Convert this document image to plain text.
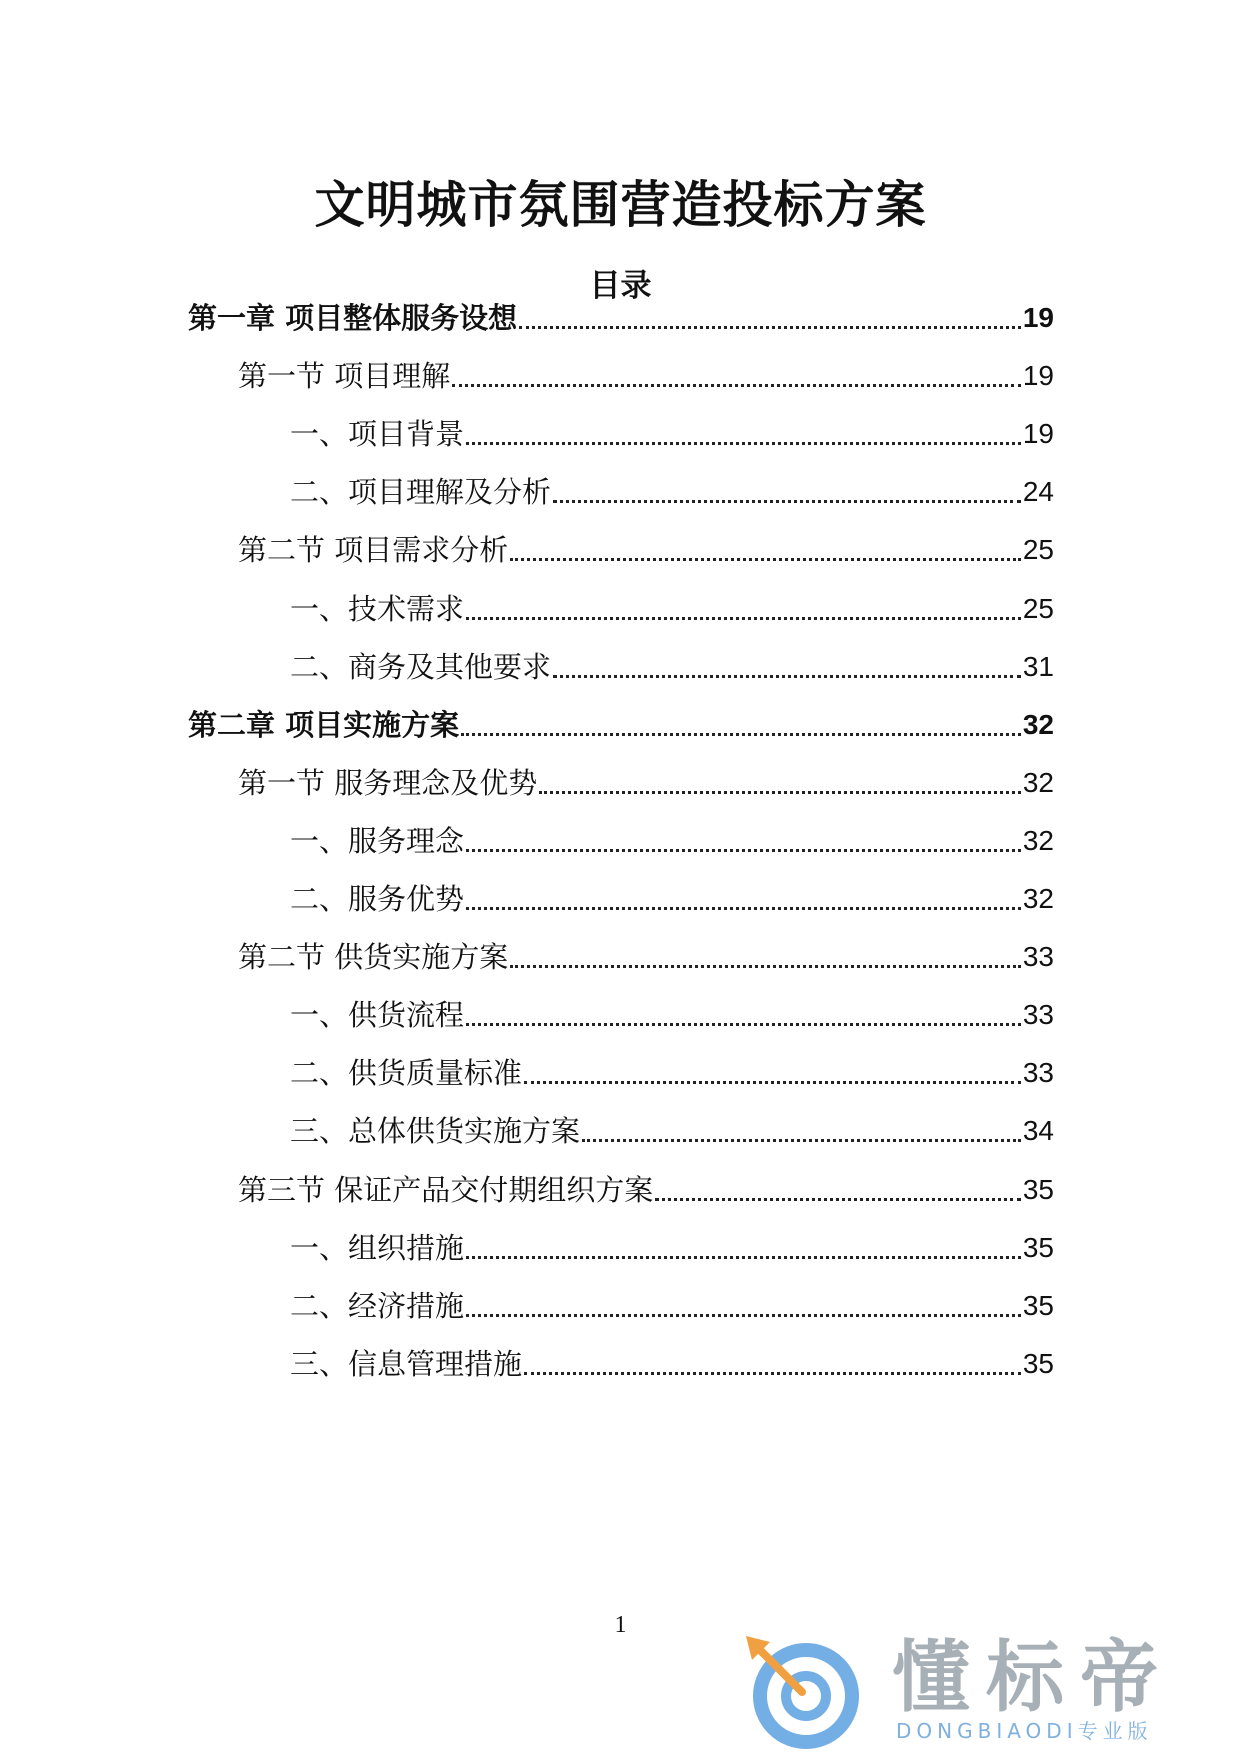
文明城市氛围营造投标方案
目录
第一章 项目整体服务设想	19
第一节 项目理解	19
一、项目背景	19
二、项目理解及分析	24
第二节 项目需求分析	25
一、技术需求	25
二、商务及其他要求	31
第二章 项目实施方案	32
第一节 服务理念及优势	32
一、服务理念	32
二、服务优势	32
第二节 供货实施方案	33
一、供货流程	33
二、供货质量标准	33
三、总体供货实施方案	34
第三节 保证产品交付期组织方案	35
一、组织措施	35
二、经济措施	35
三、信息管理措施	35
1
懂标帝
DONGBIAODI专业版
